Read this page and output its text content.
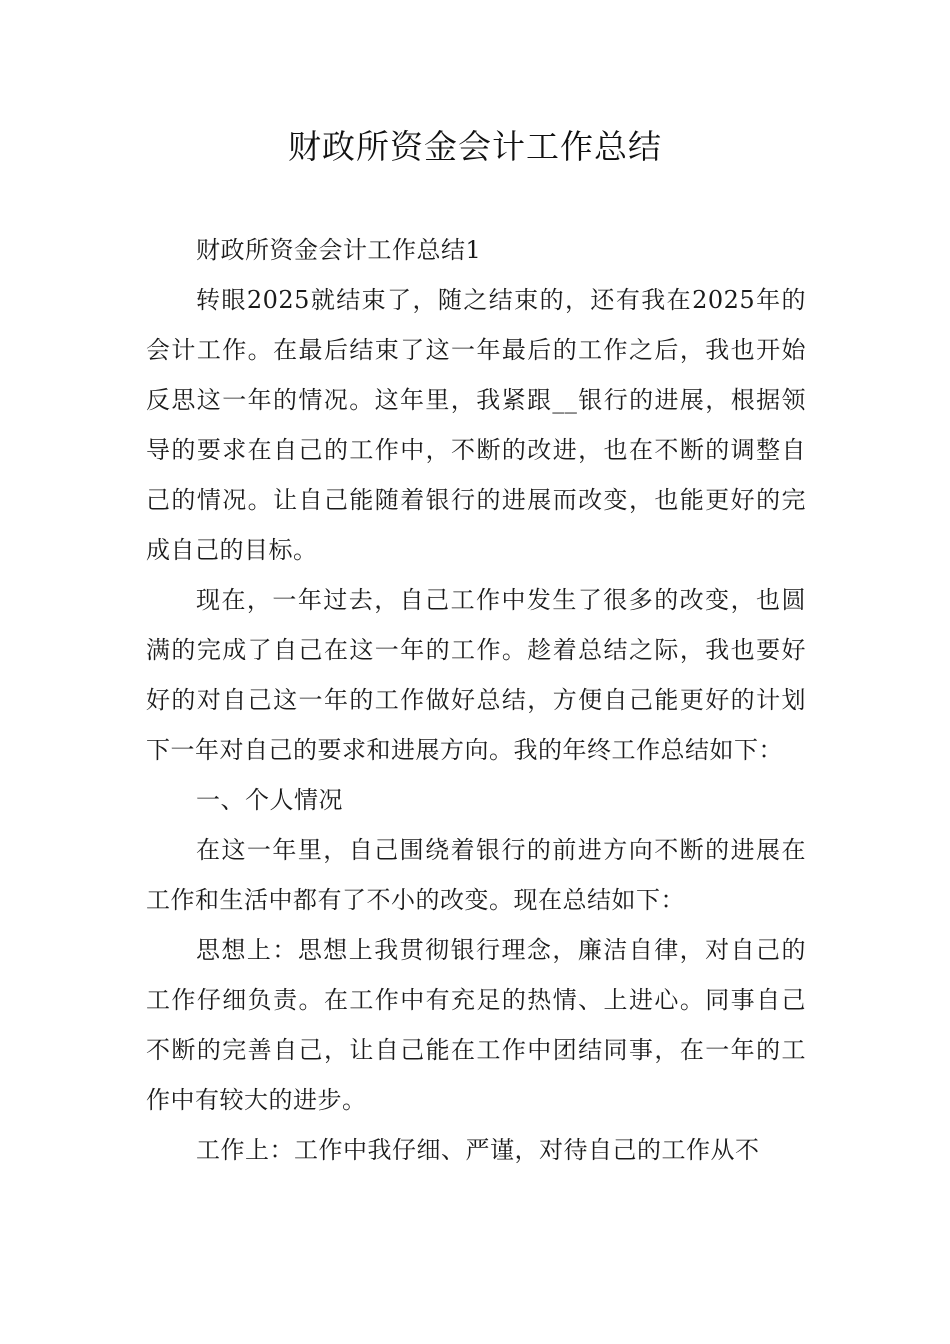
财政所资金会计工作总结

财政所资金会计工作总结1

转眼2025就结束了，随之结束的，还有我在2025年的会计工作。在最后结束了这一年最后的工作之后，我也开始反思这一年的情况。这年里，我紧跟__银行的进展，根据领导的要求在自己的工作中，不断的改进，也在不断的调整自己的情况。让自己能随着银行的进展而改变，也能更好的完成自己的目标。

现在，一年过去，自己工作中发生了很多的改变，也圆满的完成了自己在这一年的工作。趁着总结之际，我也要好好的对自己这一年的工作做好总结，方便自己能更好的计划下一年对自己的要求和进展方向。我的年终工作总结如下：

一、个人情况

在这一年里，自己围绕着银行的前进方向不断的进展在工作和生活中都有了不小的改变。现在总结如下：

思想上：思想上我贯彻银行理念，廉洁自律，对自己的工作仔细负责。在工作中有充足的热情、上进心。同事自己不断的完善自己，让自己能在工作中团结同事，在一年的工作中有较大的进步。

工作上：工作中我仔细、严谨，对待自己的工作从不
